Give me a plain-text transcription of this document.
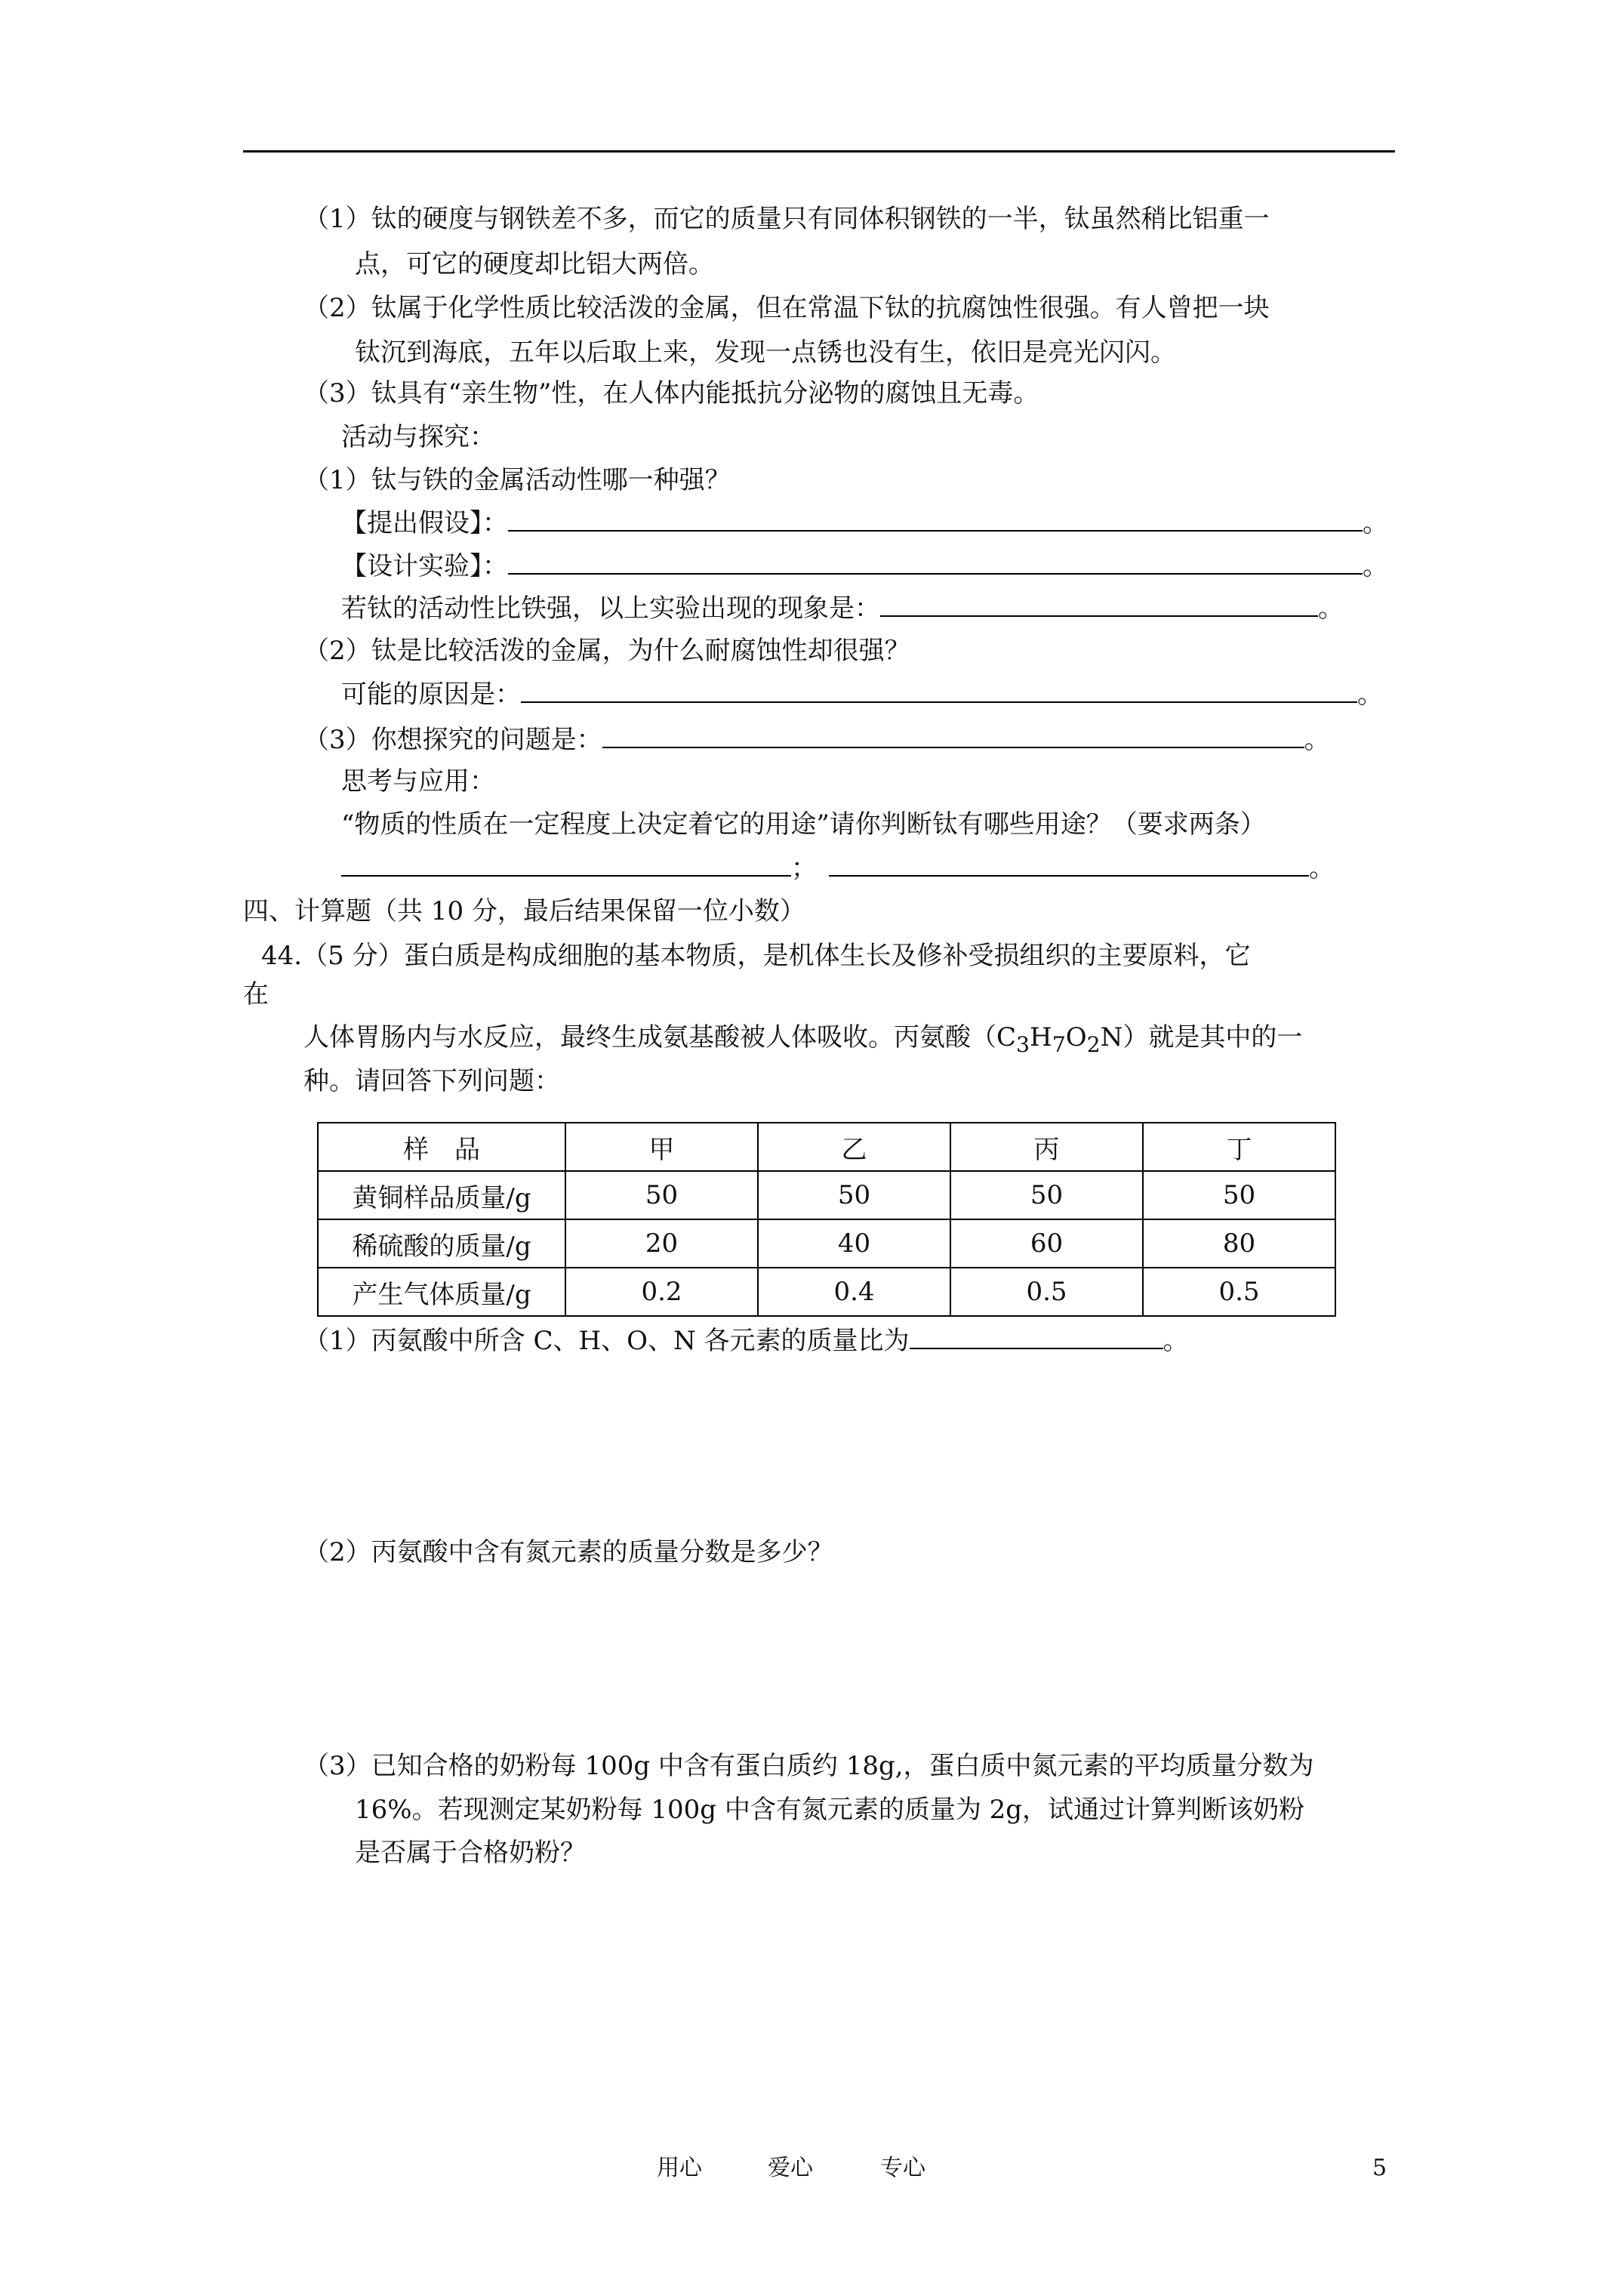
（1）钛的硬度与钢铁差不多，而它的质量只有同体积钢铁的一半，钛虽然稍比铝重一
点，可它的硬度却比铝大两倍。
（2）钛属于化学性质比较活泼的金属，但在常温下钛的抗腐蚀性很强。有人曾把一块
钛沉到海底，五年以后取上来，发现一点锈也没有生，依旧是亮光闪闪。
（3）钛具有“亲生物”性，在人体内能抵抗分泌物的腐蚀且无毒。
活动与探究：
（1）钛与铁的金属活动性哪一种强？
【提出假设】：	。
【设计实验】：	。
若钛的活动性比铁强，以上实验出现的现象是：	。
（2）钛是比较活泼的金属，为什么耐腐蚀性却很强？
可能的原因是：	。
（3）你想探究的问题是：	。
思考与应用：
“物质的性质在一定程度上决定着它的用途”请你判断钛有哪些用途？（要求两条）
；	。
四、计算题（共 10 分，最后结果保留一位小数）
44.（5 分）蛋白质是构成细胞的基本物质，是机体生长及修补受损组织的主要原料，它
在
人体胃肠内与水反应，最终生成氨基酸被人体吸收。丙氨酸$(C_3H_7O_2N)$就是其中的一
种。请回答下列问题：
样　品	甲	乙	丙	丁
黄铜样品质量/g	50	50	50	50
稀硫酸的质量/g	20	40	60	80
产生气体质量/g	0.2	0.4	0.5	0.5
（1）丙氨酸中所含 C、H、O、N 各元素的质量比为	。
（2）丙氨酸中含有氮元素的质量分数是多少？
（3）已知合格的奶粉每 100g 中含有蛋白质约 18g,，蛋白质中氮元素的平均质量分数为
16%。若现测定某奶粉每 100g 中含有氮元素的质量为 2g，试通过计算判断该奶粉
是否属于合格奶粉？
用心	爱心	专心	5
